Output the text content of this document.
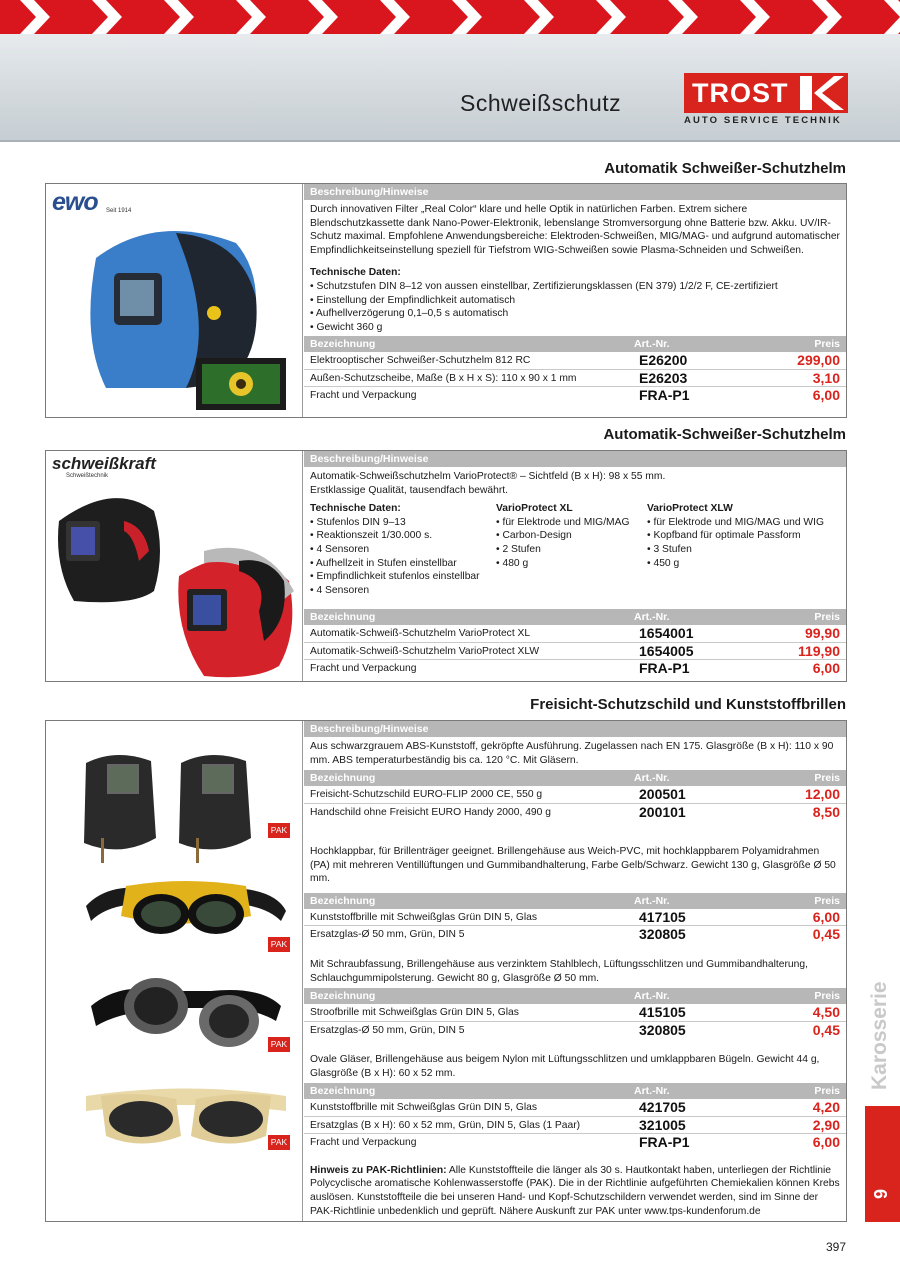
Schweißschutz	TROST
AUTO SERVICE TECHNIK
Automatik Schweißer-Schutzhelm
ewo Seit 1914
Beschreibung/Hinweise
Durch innovativen Filter „Real Color“ klare und helle Optik in natürlichen Farben. Extrem sichere Blendschutzkassette dank Nano-Power-Elektronik, lebenslange Stromversorgung ohne Batterie bzw. Akku. UV/IR-Schutz maximal. Empfohlene Anwendungsbereiche: Elektroden-Schweißen, MIG/MAG- und aufgrund automatischer Empfindlichkeitseinstellung speziell für Tiefstrom WIG-Schweißen sowie Plasma-Schneiden und Schweißen.
Technische Daten:
• Schutzstufen DIN 8–12 von aussen einstellbar, Zertifizierungsklassen (EN 379) 1/2/2 F, CE-zertifiziert
• Einstellung der Empfindlichkeit automatisch
• Aufhellverzögerung 0,1–0,5 s automatisch
• Gewicht 360 g
Bezeichnung	Art.-Nr.	Preis
Elektrooptischer Schweißer-Schutzhelm 812 RC	E26200	299,00
Außen-Schutzscheibe, Maße (B x H x S): 110 x 90 x 1 mm	E26203	3,10
Fracht und Verpackung	FRA-P1	6,00
Automatik-Schweißer-Schutzhelm
schweißkraft
Schweißtechnik
Beschreibung/Hinweise
Automatik-Schweißschutzhelm VarioProtect® – Sichtfeld (B x H): 98 x 55 mm.
Erstklassige Qualität, tausendfach bewährt.
Technische Daten:
• Stufenlos DIN 9–13
• Reaktionszeit 1/30.000 s.
• 4 Sensoren
• Aufhellzeit in Stufen einstellbar
• Empfindlichkeit stufenlos einstellbar
• 4 Sensoren
VarioProtect XL
• für Elektrode und MIG/MAG
• Carbon-Design
• 2 Stufen
• 480 g
VarioProtect XLW
• für Elektrode und MIG/MAG und WIG
• Kopfband für optimale Passform
• 3 Stufen
• 450 g
Bezeichnung	Art.-Nr.	Preis
Automatik-Schweiß-Schutzhelm VarioProtect XL	1654001	99,90
Automatik-Schweiß-Schutzhelm VarioProtect XLW	1654005	119,90
Fracht und Verpackung	FRA-P1	6,00
Freisicht-Schutzschild und Kunststoffbrillen
PAK
PAK
PAK
PAK
Beschreibung/Hinweise
Aus schwarzgrauem ABS-Kunststoff, gekröpfte Ausführung. Zugelassen nach EN 175. Glasgröße (B x H): 110 x 90 mm. ABS temperaturbeständig bis ca. 120 °C. Mit Gläsern.
Bezeichnung	Art.-Nr.	Preis
Freisicht-Schutzschild EURO-FLIP 2000 CE, 550 g	200501	12,00
Handschild ohne Freisicht EURO Handy 2000, 490 g	200101	8,50
Hochklappbar, für Brillenträger geeignet. Brillengehäuse aus Weich-PVC, mit hochklappbarem Polyamidrahmen (PA) mit mehreren Ventillüftungen und Gummibandhalterung, Farbe Gelb/Schwarz. Gewicht 130 g, Glasgröße Ø 50 mm.
Bezeichnung	Art.-Nr.	Preis
Kunststoffbrille mit Schweißglas Grün DIN 5, Glas	417105	6,00
Ersatzglas-Ø 50 mm, Grün, DIN 5	320805	0,45
Mit Schraubfassung, Brillengehäuse aus verzinktem Stahlblech, Lüftungsschlitzen und Gummibandhalterung, Schlauchgummipolsterung. Gewicht 80 g, Glasgröße Ø 50 mm.
Bezeichnung	Art.-Nr.	Preis
Stroofbrille mit Schweißglas Grün DIN 5, Glas	415105	4,50
Ersatzglas-Ø 50 mm, Grün, DIN 5	320805	0,45
Ovale Gläser, Brillengehäuse aus beigem Nylon mit Lüftungsschlitzen und umklappbaren Bügeln. Gewicht 44 g, Glasgröße (B x H): 60 x 52 mm.
Bezeichnung	Art.-Nr.	Preis
Kunststoffbrille mit Schweißglas Grün DIN 5, Glas	421705	4,20
Ersatzglas (B x H): 60 x 52 mm, Grün, DIN 5, Glas (1 Paar)	321005	2,90
Fracht und Verpackung	FRA-P1	6,00
Hinweis zu PAK-Richtlinien: Alle Kunststoffteile die länger als 30 s. Hautkontakt haben, unterliegen der Richtlinie Polycyclische aromatische Kohlenwasserstoffe (PAK). Die in der Richtlinie aufgeführten Chemiekalien können Krebs auslösen. Kunststoffteile die bei unseren Hand- und Kopf-Schutzschildern verwendet werden, sind im Sinne der PAK-Richtlinie unbedenklich und geprüft. Nähere Auskunft zur PAK unter www.tps-kundenforum.de
Karosserie
9
397
